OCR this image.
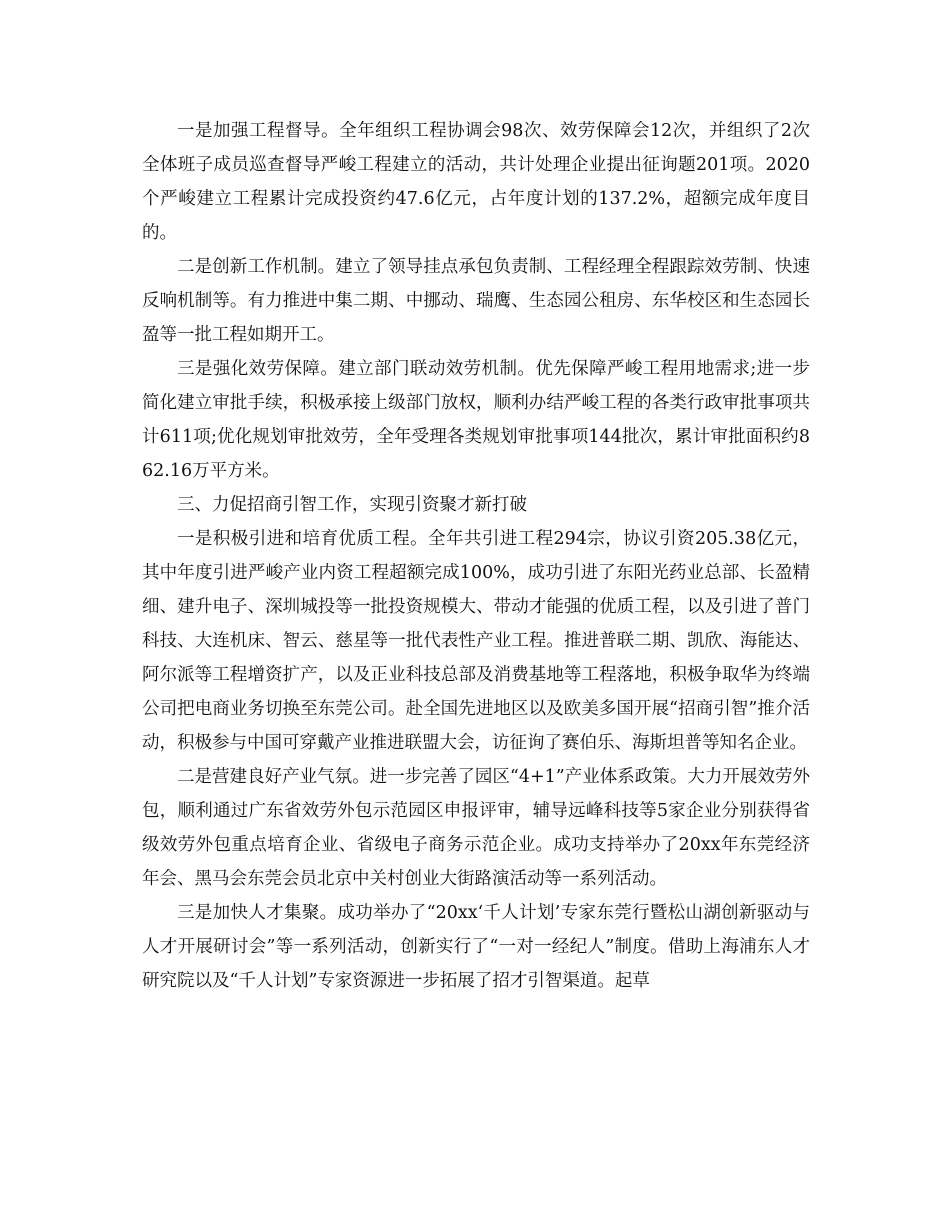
一是加强工程督导。全年组织工程协调会98次、效劳保障会12次，并组织了2次全体班子成员巡查督导严峻工程建立的活动，共计处理企业提出征询题201项。2020个严峻建立工程累计完成投资约47.6亿元，占年度计划的137.2%，超额完成年度目的。

二是创新工作机制。建立了领导挂点承包负责制、工程经理全程跟踪效劳制、快速反响机制等。有力推进中集二期、中挪动、瑞鹰、生态园公租房、东华校区和生态园长盈等一批工程如期开工。

三是强化效劳保障。建立部门联动效劳机制。优先保障严峻工程用地需求;进一步简化建立审批手续，积极承接上级部门放权，顺利办结严峻工程的各类行政审批事项共计611项;优化规划审批效劳，全年受理各类规划审批事项144批次，累计审批面积约862.16万平方米。

三、力促招商引智工作，实现引资聚才新打破

一是积极引进和培育优质工程。全年共引进工程294宗，协议引资205.38亿元，其中年度引进严峻产业内资工程超额完成100%，成功引进了东阳光药业总部、长盈精细、建升电子、深圳城投等一批投资规模大、带动才能强的优质工程，以及引进了普门科技、大连机床、智云、慈星等一批代表性产业工程。推进普联二期、凯欣、海能达、阿尔派等工程增资扩产，以及正业科技总部及消费基地等工程落地，积极争取华为终端公司把电商业务切换至东莞公司。赴全国先进地区以及欧美多国开展“招商引智”推介活动，积极参与中国可穿戴产业推进联盟大会，访征询了赛伯乐、海斯坦普等知名企业。

二是营建良好产业气氛。进一步完善了园区“4+1”产业体系政策。大力开展效劳外包，顺利通过广东省效劳外包示范园区申报评审，辅导远峰科技等5家企业分别获得省级效劳外包重点培育企业、省级电子商务示范企业。成功支持举办了20xx年东莞经济年会、黑马会东莞会员北京中关村创业大街路演活动等一系列活动。

三是加快人才集聚。成功举办了“20xx‘千人计划’专家东莞行暨松山湖创新驱动与人才开展研讨会”等一系列活动，创新实行了“一对一经纪人”制度。借助上海浦东人才研究院以及“千人计划”专家资源进一步拓展了招才引智渠道。起草
